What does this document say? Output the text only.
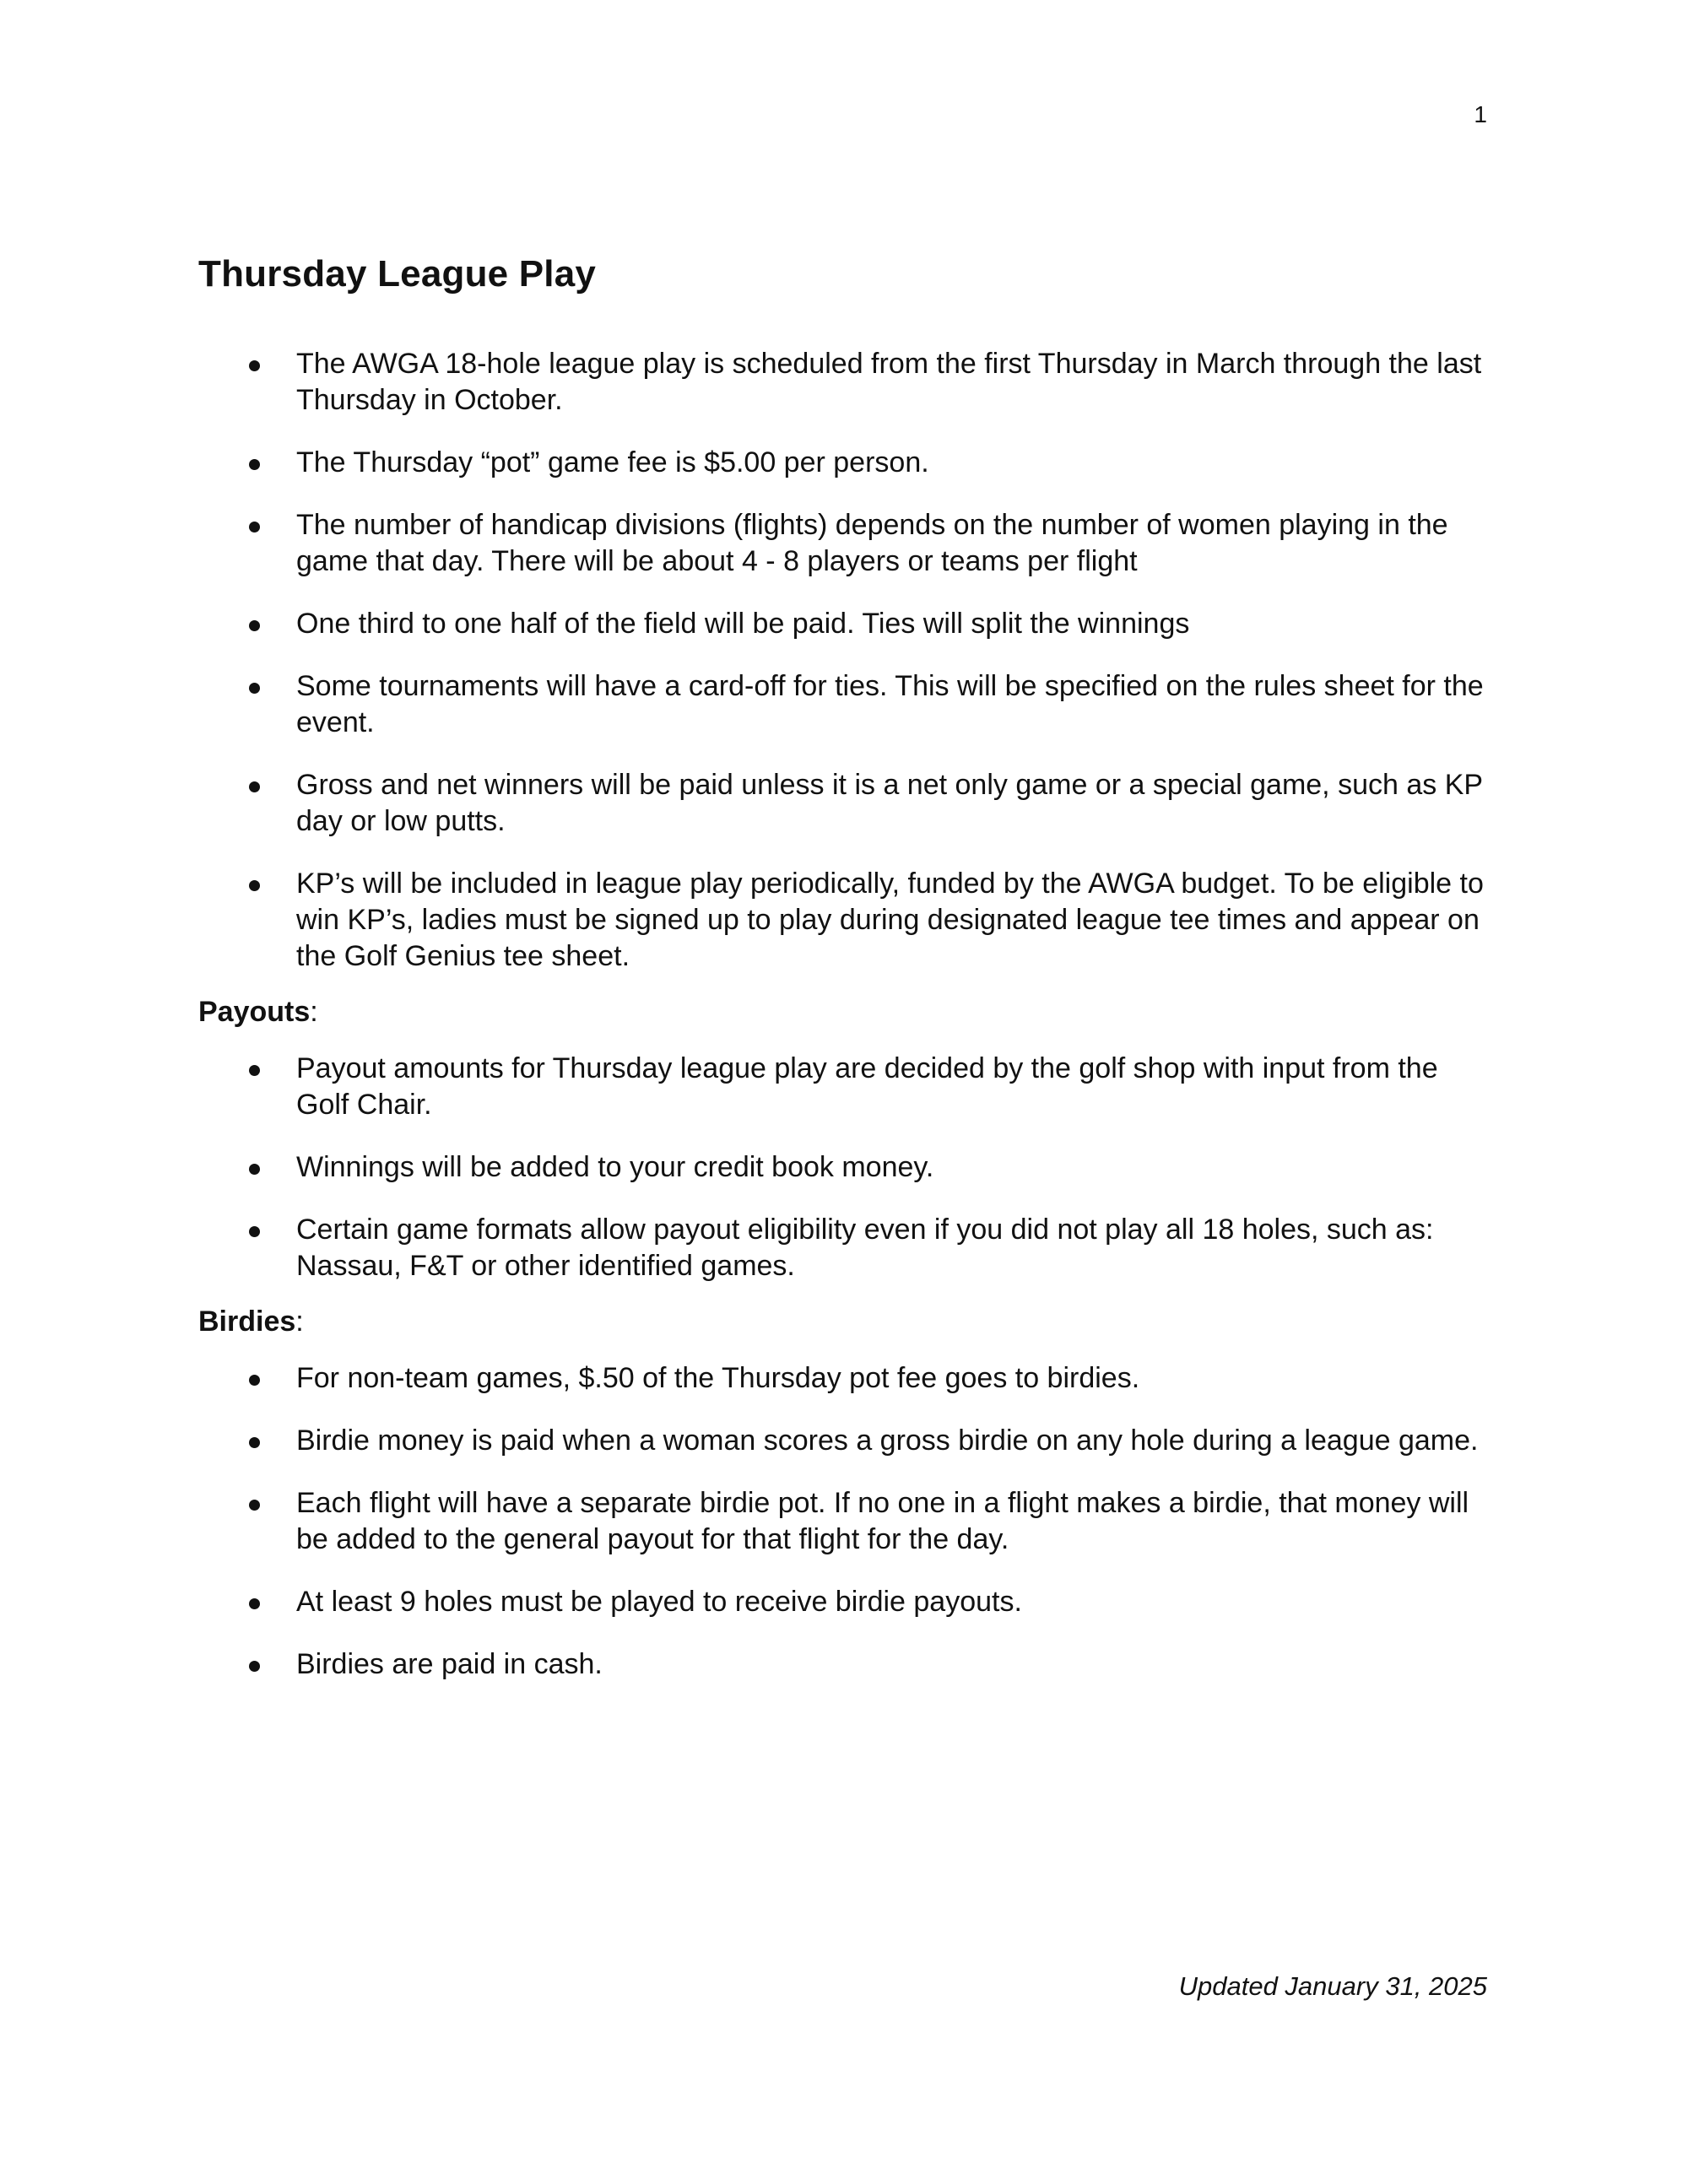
1
Thursday League Play
The AWGA 18-hole league play is scheduled from the first Thursday in March through the last Thursday in October.
The Thursday “pot” game fee is $5.00 per person.
The number of handicap divisions (flights) depends on the number of women playing in the game that day. There will be about 4 - 8 players or teams per flight
One third to one half of the field will be paid. Ties will split the winnings
Some tournaments will have a card-off for ties. This will be specified on the rules sheet for the event.
Gross and net winners will be paid unless it is a net only game or a special game, such as KP day or low putts.
KP’s will be included in league play periodically, funded by the AWGA budget. To be eligible to win KP’s, ladies must be signed up to play during designated league tee times and appear on the Golf Genius tee sheet.
Payouts:
Payout amounts for Thursday league play are decided by the golf shop with input from the Golf Chair.
Winnings will be added to your credit book money.
Certain game formats allow payout eligibility even if you did not play all 18 holes, such as: Nassau, F&T or other identified games.
Birdies:
For non-team games, $.50 of the Thursday pot fee goes to birdies.
Birdie money is paid when a woman scores a gross birdie on any hole during a league game.
Each flight will have a separate birdie pot. If no one in a flight makes a birdie, that money will be added to the general payout for that flight for the day.
At least 9 holes must be played to receive birdie payouts.
Birdies are paid in cash.
Updated January 31, 2025
